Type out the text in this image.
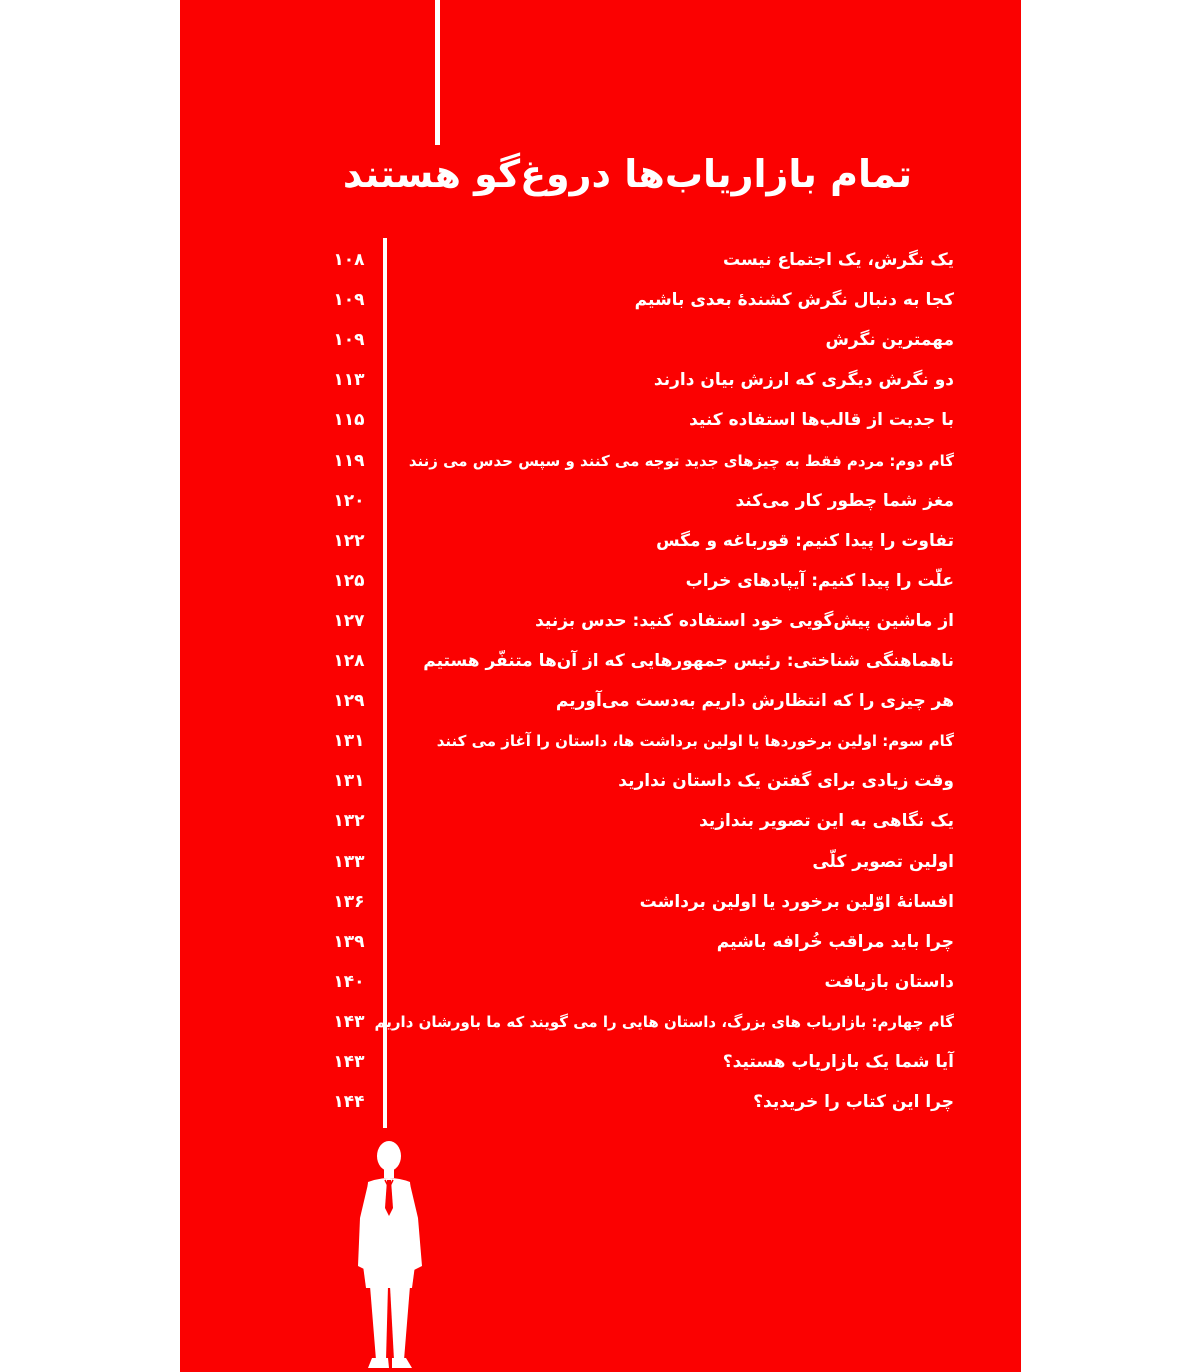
تمام بازاریاب‌ها دروغ‌گو هستند
یک نگرش، یک اجتماع نیست
۱۰۸
کجا به دنبال نگرش کشندهٔ بعدی باشیم
۱۰۹
مهمترین نگرش
۱۰۹
دو نگرش دیگری که ارزش بیان دارند
۱۱۳
با جدیت از قالب‌ها استفاده کنید
۱۱۵
گام دوم: مردم فقط به چیزهای جدید توجه می کنند و سپس حدس می زنند
۱۱۹
مغز شما چطور کار می‌کند
۱۲۰
تفاوت را پیدا کنیم: قورباغه و مگس
۱۲۲
علّت را پیدا کنیم: آیپادهای خراب
۱۲۵
از ماشین پیش‌گویی خود استفاده کنید: حدس بزنید
۱۲۷
ناهماهنگی شناختی: رئیس جمهورهایی که از آن‌ها متنفّر هستیم
۱۲۸
هر چیزی را که انتظارش داریم به‌دست می‌آوریم
۱۲۹
گام سوم: اولین برخوردها یا اولین برداشت ها، داستان را آغاز می کنند
۱۳۱
وقت زیادی برای گفتن یک داستان ندارید
۱۳۱
یک نگاهی به این تصویر بندازید
۱۳۲
اولین تصویر کلّی
۱۳۳
افسانهٔ اوّلین برخورد یا اولین برداشت
۱۳۶
چرا باید مراقب خُرافه باشیم
۱۳۹
داستان بازیافت
۱۴۰
گام چهارم: بازاریاب های بزرگ، داستان هایی را می گویند که ما باورشان داریم
۱۴۳
آیا شما یک بازاریاب هستید؟
۱۴۳
چرا این کتاب را خریدید؟
۱۴۴
